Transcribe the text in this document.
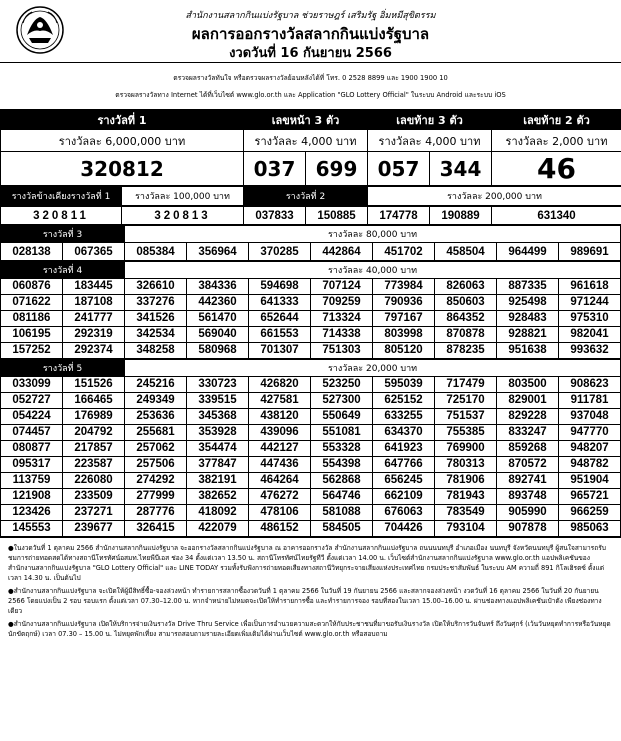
สำนักงานสลากกินแบ่งรัฐบาล ช่วยราษฎร์ เสริมรัฐ อิ่มหมีสุขิตรรม
ผลการออกรางวัลสลากกินแบ่งรัฐบาล
งวดวันที่ 16 กันยายน 2566
ตรวจผลรางวัลทันใจ หรือตรวจผลรางวัลย้อนหลังได้ที่ โทร. 0 2528 8899 และ 1900 1900 10
ตรวจผลรางวัลทาง Internet ได้ที่เว็บไซต์ www.glo.or.th และ Application "GLO Lottery Official" ในระบบ Android และระบบ iOS
รางวัลที่ 1	เลขหน้า 3 ตัว		เลขท้าย 3 ตัว		เลขท้าย 2 ตัว
รางวัลละ 6,000,000 บาท	รางวัลละ 4,000 บาท		รางวัลละ 4,000 บาท		รางวัลละ 2,000 บาท
320812	037	699	057	344	46
รางวัลข้างเคียงรางวัลที่ 1	รางวัลละ 100,000 บาท	รางวัลที่ 2	รางวัลละ 200,000 บาท
320811	320813	037833	150885	174778	190889	631340
รางวัลที่ 3		รางวัลละ 80,000 บาท							
028138	067365	085384	356964	370285	442864	451702	458504	964499	989691
รางวัลที่ 4		รางวัลละ 40,000 บาท							
060876	183445	326610	384336	594698	707124	773984	826063	887335	961618
071622	187108	337276	442360	641333	709259	790936	850603	925498	971244
081186	241777	341526	561470	652644	713324	797167	864352	928483	975310
106195	292319	342534	569040	661553	714338	803998	870878	928821	982041
157252	292374	348258	580968	701307	751303	805120	878235	951638	993632
รางวัลที่ 5		รางวัลละ 20,000 บาท							
033099	151526	245216	330723	426820	523250	595039	717479	803500	908623
052727	166465	249349	339515	427581	527300	625152	725170	829001	911781
054224	176989	253636	345368	438120	550649	633255	751537	829228	937048
074457	204792	255681	353928	439096	551081	634370	755385	833247	947770
080877	217857	257062	354474	442127	553328	641923	769900	859268	948207
095317	223587	257506	377847	447436	554398	647766	780313	870572	948782
113759	226080	274292	382191	464264	562868	656245	781906	892741	951904
121908	233509	277999	382652	476272	564746	662109	781943	893748	965721
123426	237271	287776	418092	478106	581088	676063	783549	905990	966259
145553	239677	326415	422079	486152	584505	704426	793104	907878	985063

● ในงวดวันที่ 1 ตุลาคม 2566 สำนักงานสลากกินแบ่งรัฐบาล จะออกรางวัลสลากกินแบ่งรัฐบาล ณ อาคารออกรางวัล สำนักงานสลากกินแบ่งรัฐบาล ถนนนนทบุรี อำเภอเมือง นนทบุรี จังหวัดนนทบุรี ผู้สนใจสามารถรับชมการถ่ายทอดสดได้ทางสถานีโทรทัศน์อสมท.ไทยพีบีเอส ช่อง 34 ตั้งแต่เวลา 13.50 น. สถานีโทรทัศน์ไทยรัฐทีวี ตั้งแต่เวลา 14.00 น. เว็บไซต์สำนักงานสลากกินแบ่งรัฐบาล www.glo.or.th แอปพลิเคชันของสำนักงานสลากกินแบ่งรัฐบาล "GLO Lottery Official" และ LINE TODAY รวมทั้งรับฟังการถ่ายทอดเสียงทางสถานีวิทยุกระจายเสียงแห่งประเทศไทย กรมประชาสัมพันธ์ ในระบบ AM ความถี่ 891 กิโลเฮิรตซ์ ตั้งแต่เวลา 14.30 น. เป็นต้นไป

● สำนักงานสลากกินแบ่งรัฐบาล จะเปิดให้ผู้มีสิทธิ์ซื้อ-จองล่วงหน้า ทำรายการสลากซื้องวดวันที่ 1 ตุลาคม 2566 ในวันที่ 19 กันยายน 2566 และสลากจองล่วงหน้า งวดวันที่ 16 ตุลาคม 2566 ในวันที่ 20 กันยายน 2566 โดยแบ่งเป็น 2 รอบ รอบแรก ตั้งแต่เวลา 07.30–12.00 น. หากจำหน่ายไม่หมดจะเปิดให้ทำรายการซื้อ และทำรายการจอง รอบที่สองในเวลา 15.00–16.00 น. ผ่านช่องทางแอปพลิเคชันเป๋าตัง เพียงช่องทางเดียว

● สำนักงานสลากกินแบ่งรัฐบาล เปิดให้บริการจ่ายเงินรางวัล Drive Thru Service เพื่อเป็นการอำนวยความสะดวกให้กับประชาชนที่มาขอรับเงินรางวัล เปิดให้บริการวันจันทร์ ถึงวันศุกร์ (เว้นวันหยุดทำการหรือวันหยุดนักขัตฤกษ์) เวลา 07.30 – 15.00 น. ไม่หยุดพักเที่ยง สามารถสอบถามรายละเอียดเพิ่มเติมได้ผ่านเว็บไซต์ www.glo.or.th หรือสอบถาม
